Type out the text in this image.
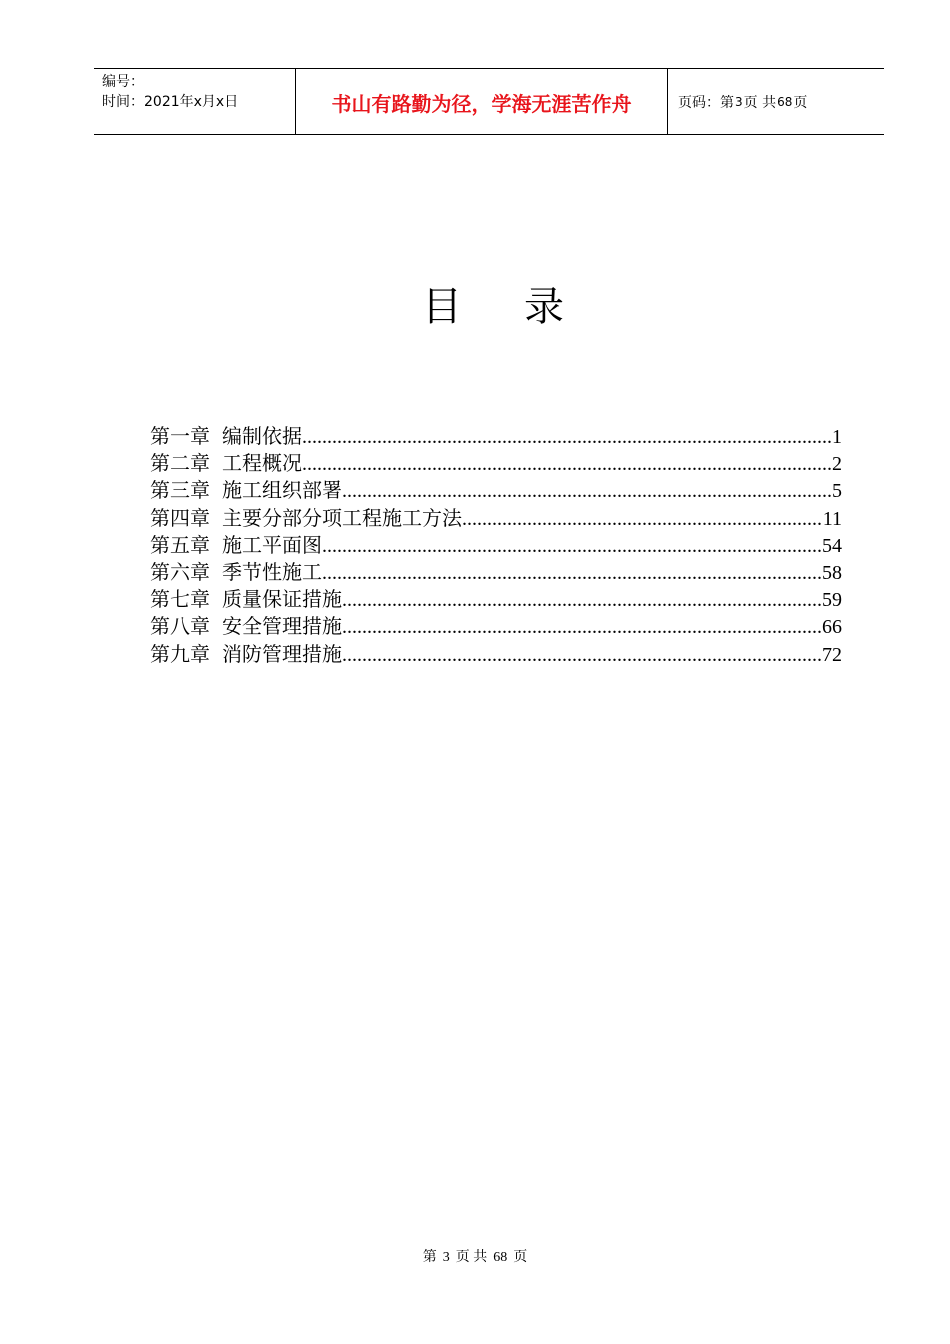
编号：
时间：2021年x月x日	书山有路勤为径，学海无涯苦作舟	页码：第 3 页 共 68 页
目 录
第一章 编制依据 .....	1
第二章 工程概况 .....	2
第三章 施工组织部署 .....	5
第四章 主要分部分项工程施工方法 .....	11
第五章 施工平面图 .....	54
第六章 季节性施工 .....	58
第七章 质量保证措施 .....	59
第八章 安全管理措施 .....	66
第九章 消防管理措施 .....	72
第 3 页 共 68 页
